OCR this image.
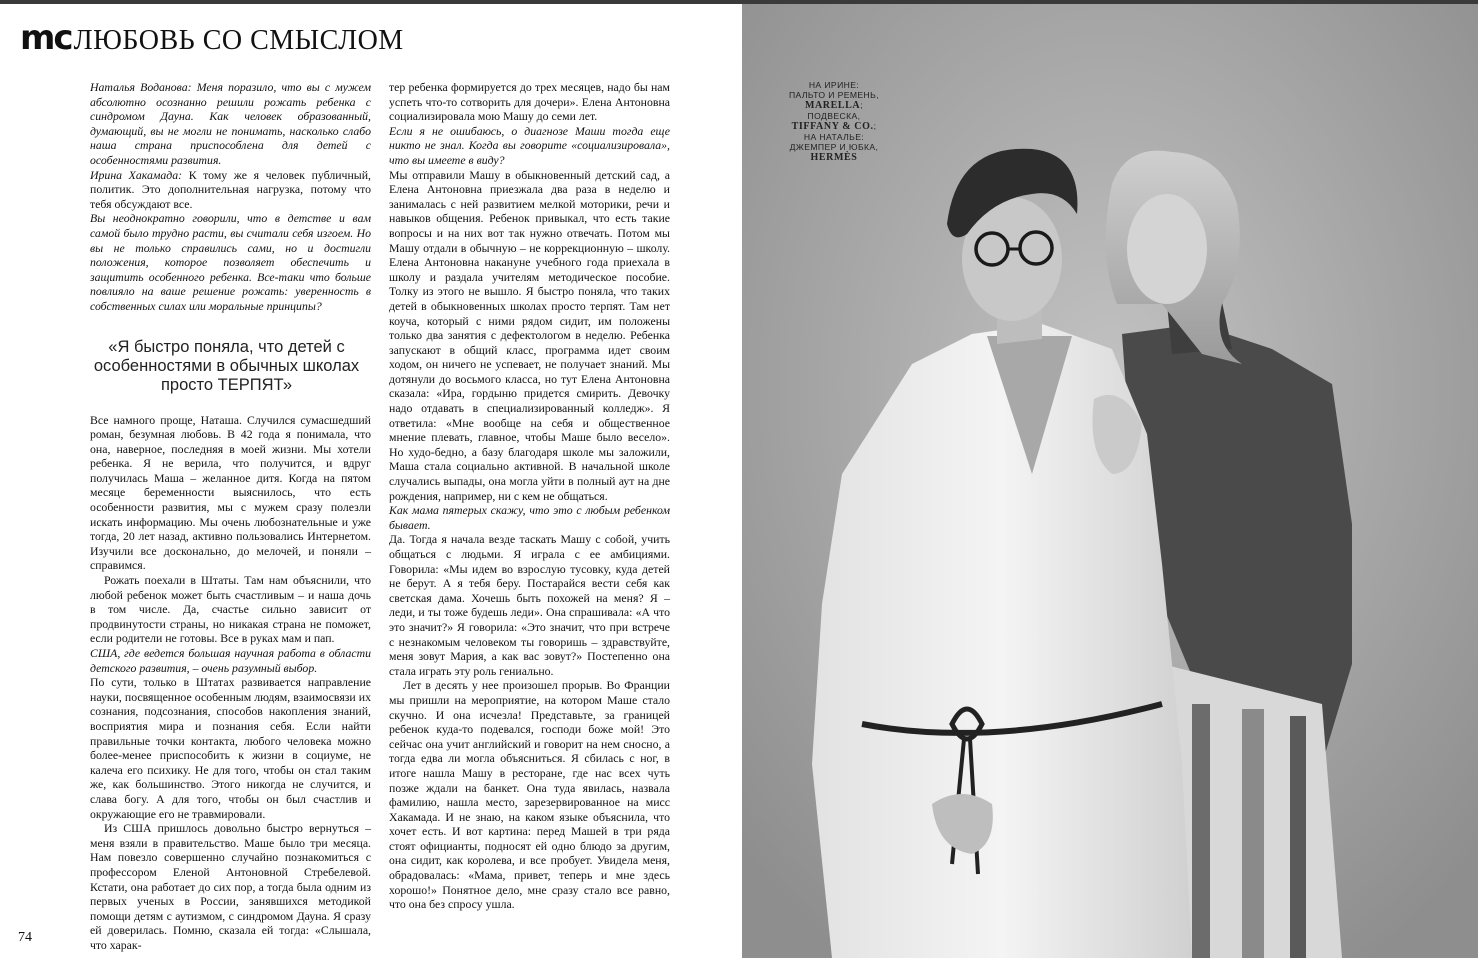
mc ЛЮБОВЬ СО СМЫСЛОМ

Наталья Воданова: Меня поразило, что вы с мужем абсолютно осознанно решили рожать ребенка с синдромом Дауна. Как человек образованный, думающий, вы не могли не понимать, насколько слабо наша страна приспособлена для детей с особенностями развития.

Ирина Хакамада: К тому же я человек публичный, политик. Это дополнительная нагрузка, потому что тебя обсуждают все.

Вы неоднократно говорили, что в детстве и вам самой было трудно расти, вы считали себя изгоем. Но вы не только справились сами, но и достигли положения, которое позволяет обеспечить и защитить особенного ребенка. Все-таки что больше повлияло на ваше решение рожать: уверенность в собственных силах или моральные принципы?

«Я быстро поняла, что детей с особенностями в обычных школах просто ТЕРПЯТ»

Все намного проще, Наташа. Случился сумасшедший роман, безумная любовь. В 42 года я понимала, что она, наверное, последняя в моей жизни. Мы хотели ребенка. Я не верила, что получится, и вдруг получилась Маша – желанное дитя. Когда на пятом месяце беременности выяснилось, что есть особенности развития, мы с мужем сразу полезли искать информацию. Мы очень любознательные и уже тогда, 20 лет назад, активно пользовались Интернетом. Изучили все досконально, до мелочей, и поняли – справимся.

Рожать поехали в Штаты. Там нам объяснили, что любой ребенок может быть счастливым – и наша дочь в том числе. Да, счастье сильно зависит от продвинутости страны, но никакая страна не поможет, если родители не готовы. Все в руках мам и пап.

США, где ведется большая научная работа в области детского развития, – очень разумный выбор.

По сути, только в Штатах развивается направление науки, посвященное особенным людям, взаимосвязи их сознания, подсознания, способов накопления знаний, восприятия мира и познания себя. Если найти правильные точки контакта, любого человека можно более-менее приспособить к жизни в социуме, не калеча его психику. Не для того, чтобы он стал таким же, как большинство. Этого никогда не случится, и слава богу. А для того, чтобы он был счастлив и окружающие его не травмировали.

Из США пришлось довольно быстро вернуться – меня взяли в правительство. Маше было три месяца. Нам повезло совершенно случайно познакомиться с профессором Еленой Антоновной Стребелевой. Кстати, она работает до сих пор, а тогда была одним из первых ученых в России, занявшихся методикой помощи детям с аутизмом, с синдромом Дауна. Я сразу ей доверилась. Помню, сказала ей тогда: «Слышала, что харак-

тер ребенка формируется до трех месяцев, надо бы нам успеть что-то сотворить для дочери». Елена Антоновна социализировала мою Машу до семи лет.

Если я не ошибаюсь, о диагнозе Маши тогда еще никто не знал. Когда вы говорите «социализировала», что вы имеете в виду?

Мы отправили Машу в обыкновенный детский сад, а Елена Антоновна приезжала два раза в неделю и занималась с ней развитием мелкой моторики, речи и навыков общения. Ребенок привыкал, что есть такие вопросы и на них вот так нужно отвечать. Потом мы Машу отдали в обычную – не коррекционную – школу. Елена Антоновна накануне учебного года приехала в школу и раздала учителям методическое пособие. Толку из этого не вышло. Я быстро поняла, что таких детей в обыкновенных школах просто терпят. Там нет коуча, который с ними рядом сидит, им положены только два занятия с дефектологом в неделю. Ребенка запускают в общий класс, программа идет своим ходом, он ничего не успевает, не получает знаний. Мы дотянули до восьмого класса, но тут Елена Антоновна сказала: «Ира, гордыню придется смирить. Девочку надо отдавать в специализированный колледж». Я ответила: «Мне вообще на себя и общественное мнение плевать, главное, чтобы Маше было весело». Но худо-бедно, а базу благодаря школе мы заложили, Маша стала социально активной. В начальной школе случались выпады, она могла уйти в полный аут на дне рождения, например, ни с кем не общаться.

Как мама пятерых скажу, что это с любым ребенком бывает.

Да. Тогда я начала везде таскать Машу с собой, учить общаться с людьми. Я играла с ее амбициями. Говорила: «Мы идем во взрослую тусовку, куда детей не берут. А я тебя беру. Постарайся вести себя как светская дама. Хочешь быть похожей на меня? Я – леди, и ты тоже будешь леди». Она спрашивала: «А что это значит?» Я говорила: «Это значит, что при встрече с незнакомым человеком ты говоришь – здравствуйте, меня зовут Мария, а как вас зовут?» Постепенно она стала играть эту роль гениально.

Лет в десять у нее произошел прорыв. Во Франции мы пришли на мероприятие, на котором Маше стало скучно. И она исчезла! Представьте, за границей ребенок куда-то подевался, господи боже мой! Это сейчас она учит английский и говорит на нем сносно, а тогда едва ли могла объясниться. Я сбилась с ног, в итоге нашла Машу в ресторане, где нас всех чуть позже ждали на банкет. Она туда явилась, назвала фамилию, нашла место, зарезервированное на мисс Хакамада. И не знаю, на каком языке объяснила, что хочет есть. И вот картина: перед Машей в три ряда стоят официанты, подносят ей одно блюдо за другим, она сидит, как королева, и все пробует. Увидела меня, обрадовалась: «Мама, привет, теперь и мне здесь хорошо!» Понятное дело, мне сразу стало все равно, что она без спросу ушла.

74
НА ИРИНЕ:
ПАЛЬТО И РЕМЕНЬ,
MARELLA;
ПОДВЕСКА,
TIFFANY & CO.;
НА НАТАЛЬЕ:
ДЖЕМПЕР И ЮБКА,
HERMÈS
